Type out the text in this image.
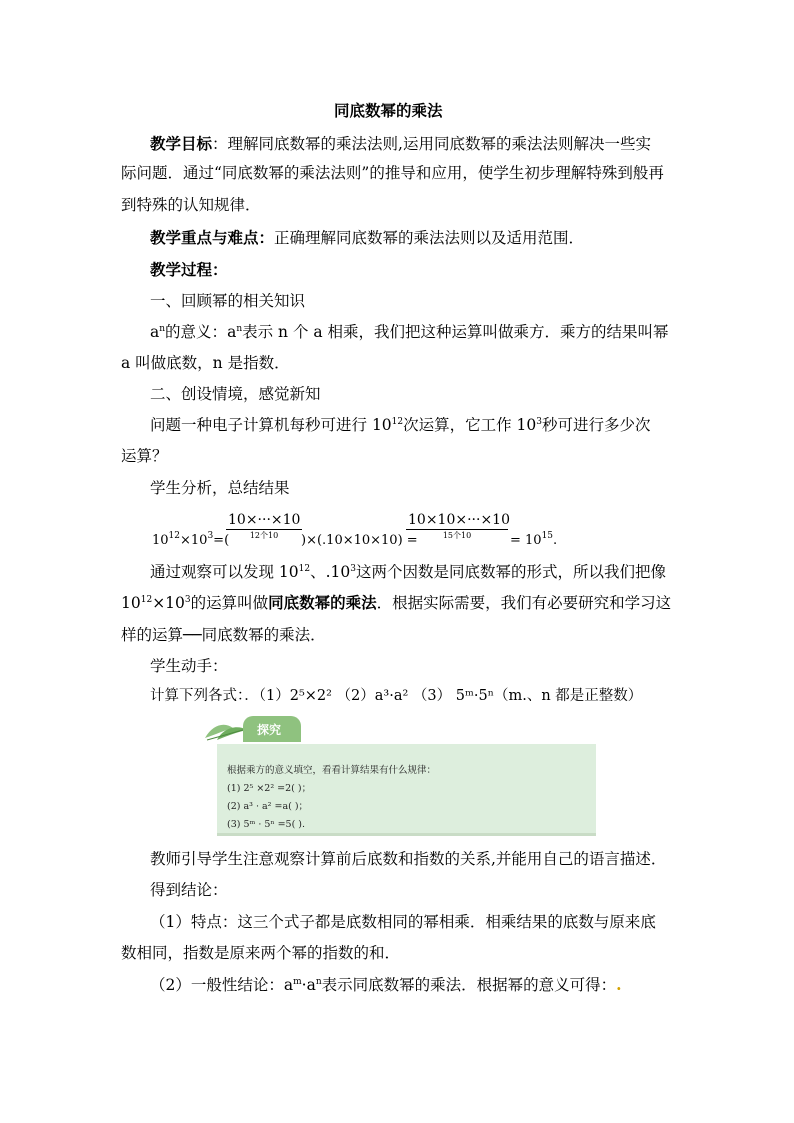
同底数幂的乘法
教学目标：理解同底数幂的乘法法则,运用同底数幂的乘法法则解决一些实
际问题．通过“同底数幂的乘法法则”的推导和应用，使学生初步理解特殊到般再
到特殊的认知规律．
教学重点与难点：正确理解同底数幂的乘法法则以及适用范围．
教学过程：
一、回顾幂的相关知识
$a^n$的意义：$a^n$表示 n 个 a 相乘，我们把这种运算叫做乘方．乘方的结果叫幂
a 叫做底数，n 是指数．
二、创设情境，感觉新知
问题一种电子计算机每秒可进行 $10^{12}$次运算，它工作 $10^3$秒可进行多少次
运算？
学生分析，总结结果
$10^{12}\times 10^3=$(
10×···×10
12个10	)×(.10×10×10) =
10×10×···×10
15个10	= $10^{15}$.
通过观察可以发现 $10^{12}$、$.10^3$这两个因数是同底数幂的形式，所以我们把像
$10^{12}\times 10^3$的运算叫做同底数幂的乘法．根据实际需要，我们有必要研究和学习这
样的运算──同底数幂的乘法．
学生动手：
计算下列各式：．（1）2⁵×2² （2）a³·a² （3） 5ᵐ·5ⁿ（m.、n 都是正整数）
探究
根据乘方的意义填空，看看计算结果有什么规律：
(1) 2⁵ ×2² =2( )；
(2) a³ · a² =a( )；
(3) 5ᵐ · 5ⁿ =5( ).
教师引导学生注意观察计算前后底数和指数的关系,并能用自己的语言描述．
得到结论：
（1）特点：这三个式子都是底数相同的幂相乘．相乘结果的底数与原来底
数相同，指数是原来两个幂的指数的和．
（2）一般性结论：$a^m\cdot a^n$表示同底数幂的乘法．根据幂的意义可得：.
